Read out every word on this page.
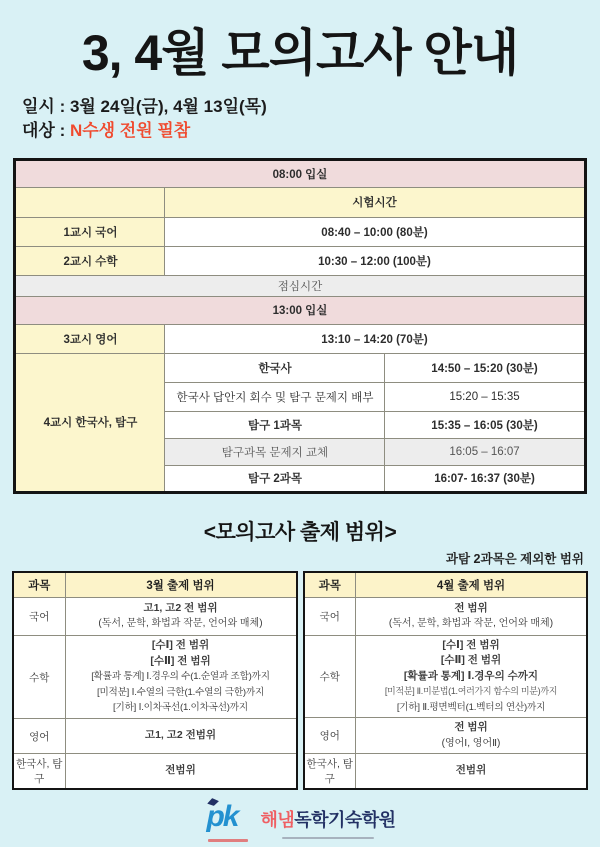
3, 4월 모의고사 안내
일시 : 3월 24일(금), 4월 13일(목)
대상 : N수생 전원 필참
08:00 입실		
	시험시간	
1교시 국어	08:40 – 10:00 (80분)	
2교시 수학	10:30 – 12:00 (100분)	
점심시간		
13:00 입실		
3교시 영어	13:10 – 14:20 (70분)	
4교시 한국사, 탐구	한국사	14:50 – 15:20 (30분)
	한국사 답안지 회수 및 탐구 문제지 배부	15:20 – 15:35
	탐구 1과목	15:35 – 16:05 (30분)
	탐구과목 문제지 교체	16:05 – 16:07
	탐구 2과목	16:07- 16:37 (30분)
<모의고사 출제 범위>
과탐 2과목은 제외한 범위
과목	3월 출제 범위
국어	고1, 고2 전 범위
(독서, 문학, 화법과 작문, 언어와 매체)

수학	[수Ⅰ] 전 범위
[수Ⅱ] 전 범위
[확률과 통계] Ⅰ.경우의 수(1.순열과 조합)까지
[미적분] Ⅰ.수열의 극한(1.수열의 극한)까지
[기하] Ⅰ.이차곡선(1.이차곡선)까지

영어	고1, 고2 전범위

한국사, 탐구	전범위
과목	4월 출제 범위
국어	전 범위
(독서, 문학, 화법과 작문, 언어와 매체)

수학	[수Ⅰ] 전 범위
[수Ⅱ] 전 범위
[확률과 통계] Ⅰ.경우의 수까지
[미적분] Ⅱ.미분법(1.여러가지 함수의 미분)까지
[기하] Ⅱ.평면벡터(1.벡터의 연산)까지

영어	전 범위
(영어Ⅰ, 영어Ⅱ)

한국사, 탐구	전범위
pk 해냄독학기숙학원
